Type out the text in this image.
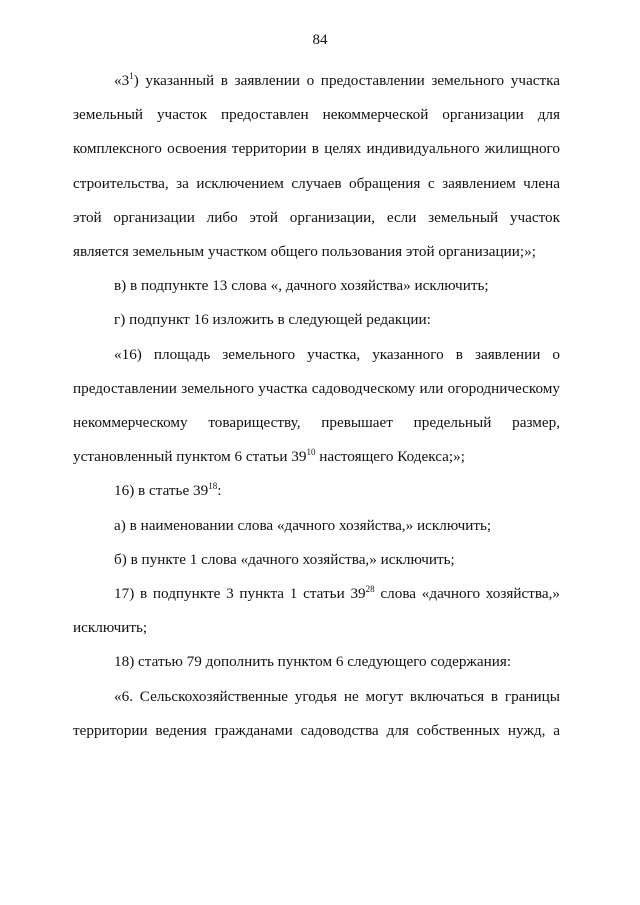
84

«$3^1$) указанный в заявлении о предоставлении земельного участка земельный участок предоставлен некоммерческой организации для комплексного освоения территории в целях индивидуального жилищного строительства, за исключением случаев обращения с заявлением члена этой организации либо этой организации, если земельный участок является земельным участком общего пользования этой организации;»;

в) в подпункте 13 слова «, дачного хозяйства» исключить;

г) подпункт 16 изложить в следующей редакции:

«16) площадь земельного участка, указанного в заявлении о предоставлении земельного участка садоводческому или огородническому некоммерческому товариществу, превышает предельный размер, установленный пунктом 6 статьи $39^{10}$ настоящего Кодекса;»;

16) в статье $39^{18}$:

а) в наименовании слова «дачного хозяйства,» исключить;

б) в пункте 1 слова «дачного хозяйства,» исключить;

17) в подпункте 3 пункта 1 статьи $39^{28}$ слова «дачного хозяйства,» исключить;

18) статью 79 дополнить пунктом 6 следующего содержания:

«6. Сельскохозяйственные угодья не могут включаться в границы территории ведения гражданами садоводства для собственных нужд, а
